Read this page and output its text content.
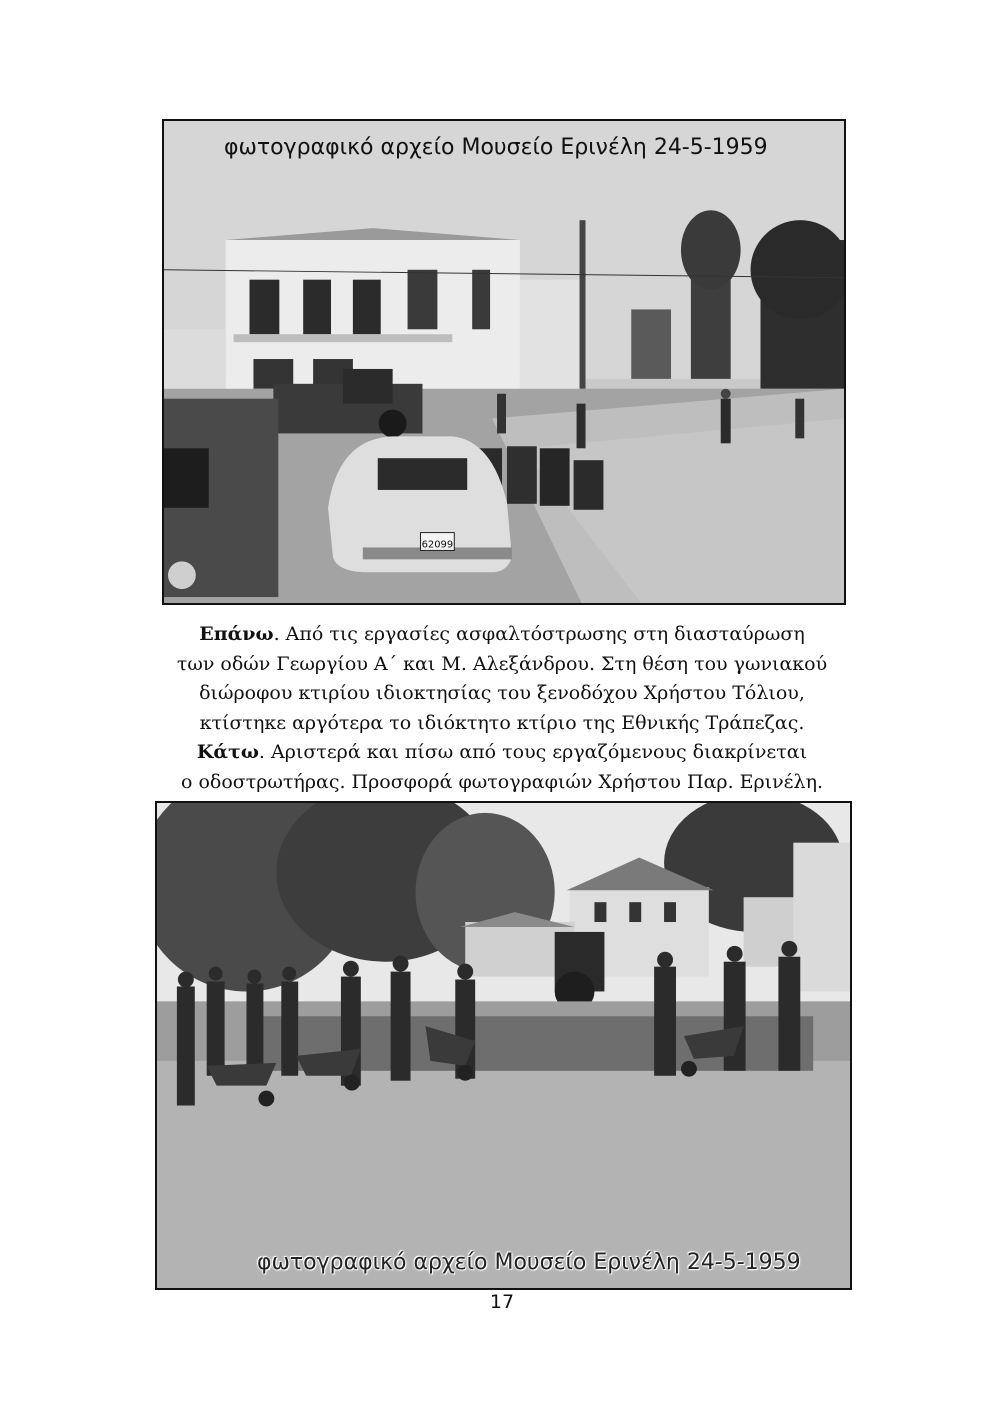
62099
φωτογραφικό αρχείο Μουσείο Ερινέλη 24-5-1959
Επάνω. Από τις εργασίες ασφαλτόστρωσης στη διασταύρωση
των οδών Γεωργίου Α΄ και Μ. Αλεξάνδρου. Στη θέση του γωνιακού
διώροφου κτιρίου ιδιοκτησίας του ξενοδόχου Χρήστου Τόλιου,
κτίστηκε αργότερα το ιδιόκτητο κτίριο της Εθνικής Τράπεζας.
Κάτω. Αριστερά και πίσω από τους εργαζόμενους διακρίνεται
ο οδοστρωτήρας. Προσφορά φωτογραφιών Χρήστου Παρ. Ερινέλη.
φωτογραφικό αρχείο Μουσείο Ερινέλη 24-5-1959
17
